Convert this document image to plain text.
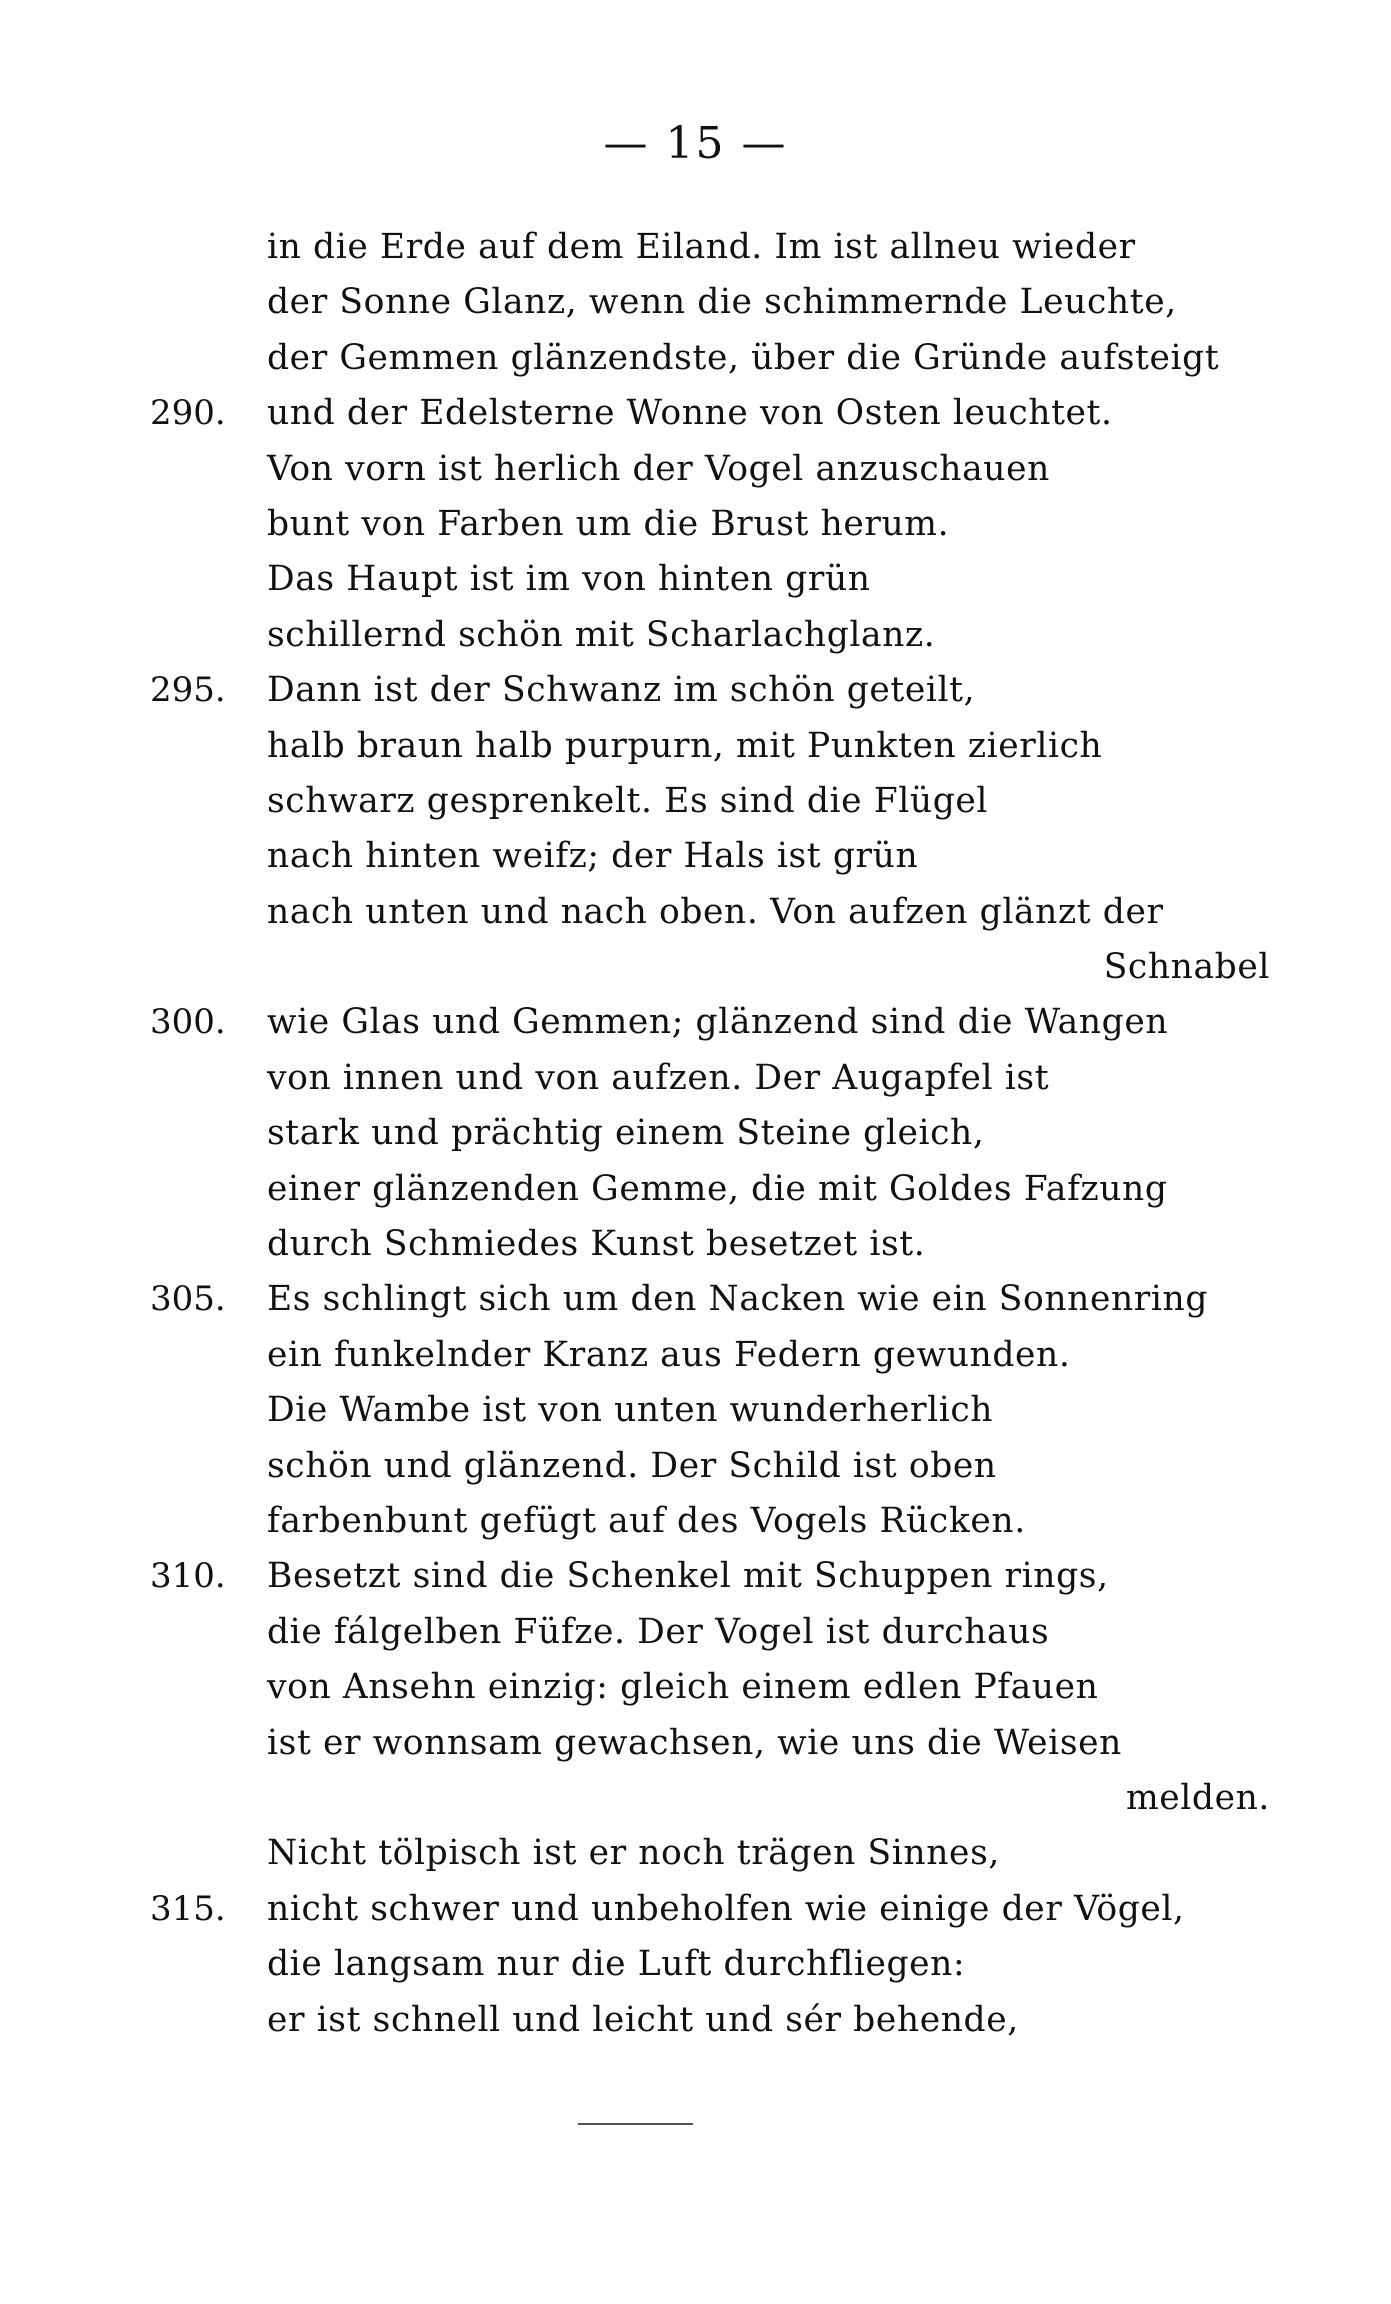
— 15 —
in die Erde auf dem Eiland. Im ist allneu wieder
der Sonne Glanz, wenn die schimmernde Leuchte,
der Gemmen glänzendste, über die Gründe aufsteigt
290.	und der Edelsterne Wonne von Osten leuchtet.
Von vorn ist herlich der Vogel anzuschauen
bunt von Farben um die Brust herum.
Das Haupt ist im von hinten grün
schillernd schön mit Scharlachglanz.
295.	Dann ist der Schwanz im schön geteilt,
halb braun halb purpurn, mit Punkten zierlich
schwarz gesprenkelt. Es sind die Flügel
nach hinten weifz; der Hals ist grün
nach unten und nach oben. Von aufzen glänzt der
Schnabel
300.	wie Glas und Gemmen; glänzend sind die Wangen
von innen und von aufzen. Der Augapfel ist
stark und prächtig einem Steine gleich,
einer glänzenden Gemme, die mit Goldes Fafzung
durch Schmiedes Kunst besetzet ist.
305.	Es schlingt sich um den Nacken wie ein Sonnenring
ein funkelnder Kranz aus Federn gewunden.
Die Wambe ist von unten wunderherlich
schön und glänzend. Der Schild ist oben
farbenbunt gefügt auf des Vogels Rücken.
310.	Besetzt sind die Schenkel mit Schuppen rings,
die fálgelben Füfze. Der Vogel ist durchaus
von Ansehn einzig: gleich einem edlen Pfauen
ist er wonnsam gewachsen, wie uns die Weisen
melden.
Nicht tölpisch ist er noch trägen Sinnes,
315.	nicht schwer und unbeholfen wie einige der Vögel,
die langsam nur die Luft durchfliegen:
er ist schnell und leicht und sér behende,
